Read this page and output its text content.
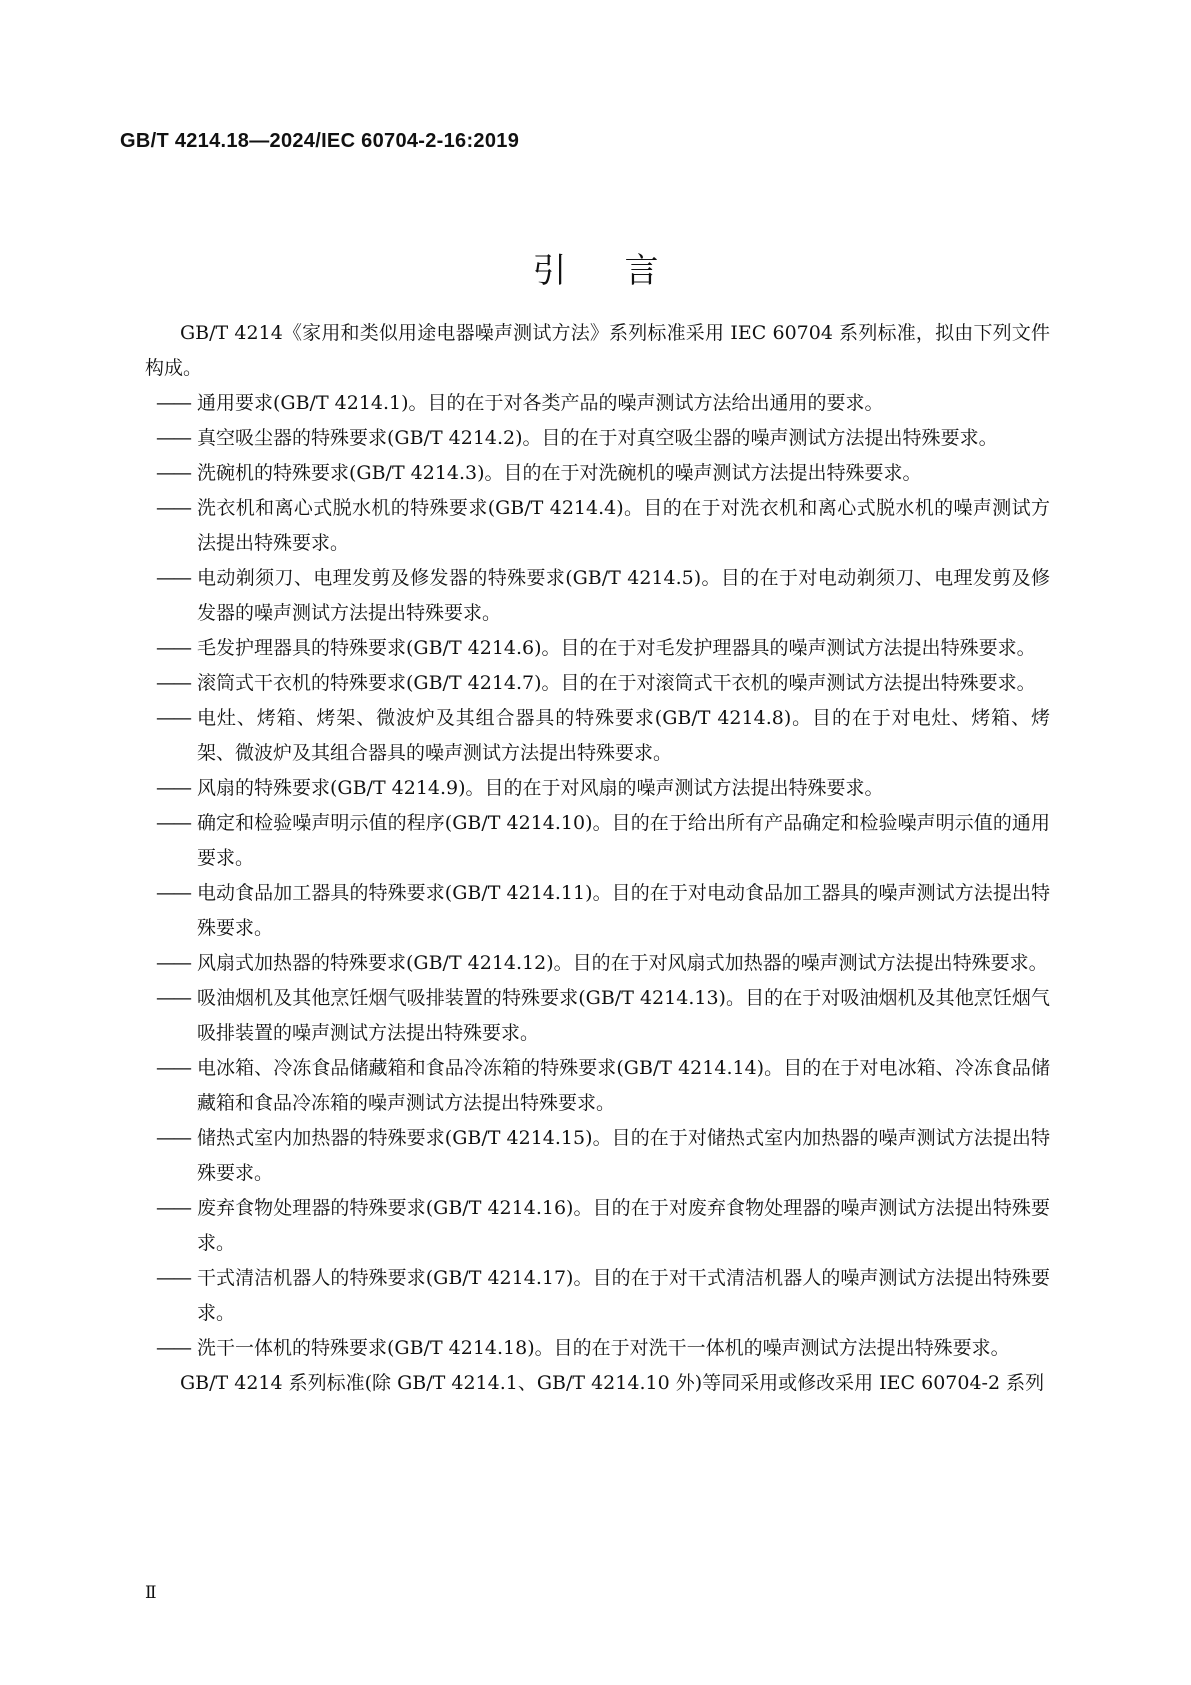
GB/T 4214.18—2024/IEC 60704-2-16:2019
引言

GB/T 4214《家用和类似用途电器噪声测试方法》系列标准采用 IEC 60704 系列标准，拟由下列文件构成。

—— 通用要求(GB/T 4214.1)。目的在于对各类产品的噪声测试方法给出通用的要求。

—— 真空吸尘器的特殊要求(GB/T 4214.2)。目的在于对真空吸尘器的噪声测试方法提出特殊要求。

—— 洗碗机的特殊要求(GB/T 4214.3)。目的在于对洗碗机的噪声测试方法提出特殊要求。

—— 洗衣机和离心式脱水机的特殊要求(GB/T 4214.4)。目的在于对洗衣机和离心式脱水机的噪声测试方法提出特殊要求。

—— 电动剃须刀、电理发剪及修发器的特殊要求(GB/T 4214.5)。目的在于对电动剃须刀、电理发剪及修发器的噪声测试方法提出特殊要求。

—— 毛发护理器具的特殊要求(GB/T 4214.6)。目的在于对毛发护理器具的噪声测试方法提出特殊要求。

—— 滚筒式干衣机的特殊要求(GB/T 4214.7)。目的在于对滚筒式干衣机的噪声测试方法提出特殊要求。

—— 电灶、烤箱、烤架、微波炉及其组合器具的特殊要求(GB/T 4214.8)。目的在于对电灶、烤箱、烤架、微波炉及其组合器具的噪声测试方法提出特殊要求。

—— 风扇的特殊要求(GB/T 4214.9)。目的在于对风扇的噪声测试方法提出特殊要求。

—— 确定和检验噪声明示值的程序(GB/T 4214.10)。目的在于给出所有产品确定和检验噪声明示值的通用要求。

—— 电动食品加工器具的特殊要求(GB/T 4214.11)。目的在于对电动食品加工器具的噪声测试方法提出特殊要求。

—— 风扇式加热器的特殊要求(GB/T 4214.12)。目的在于对风扇式加热器的噪声测试方法提出特殊要求。

—— 吸油烟机及其他烹饪烟气吸排装置的特殊要求(GB/T 4214.13)。目的在于对吸油烟机及其他烹饪烟气吸排装置的噪声测试方法提出特殊要求。

—— 电冰箱、冷冻食品储藏箱和食品冷冻箱的特殊要求(GB/T 4214.14)。目的在于对电冰箱、冷冻食品储藏箱和食品冷冻箱的噪声测试方法提出特殊要求。

—— 储热式室内加热器的特殊要求(GB/T 4214.15)。目的在于对储热式室内加热器的噪声测试方法提出特殊要求。

—— 废弃食物处理器的特殊要求(GB/T 4214.16)。目的在于对废弃食物处理器的噪声测试方法提出特殊要求。

—— 干式清洁机器人的特殊要求(GB/T 4214.17)。目的在于对干式清洁机器人的噪声测试方法提出特殊要求。

—— 洗干一体机的特殊要求(GB/T 4214.18)。目的在于对洗干一体机的噪声测试方法提出特殊要求。

GB/T 4214 系列标准(除 GB/T 4214.1、GB/T 4214.10 外)等同采用或修改采用 IEC 60704-2 系列

Ⅱ
